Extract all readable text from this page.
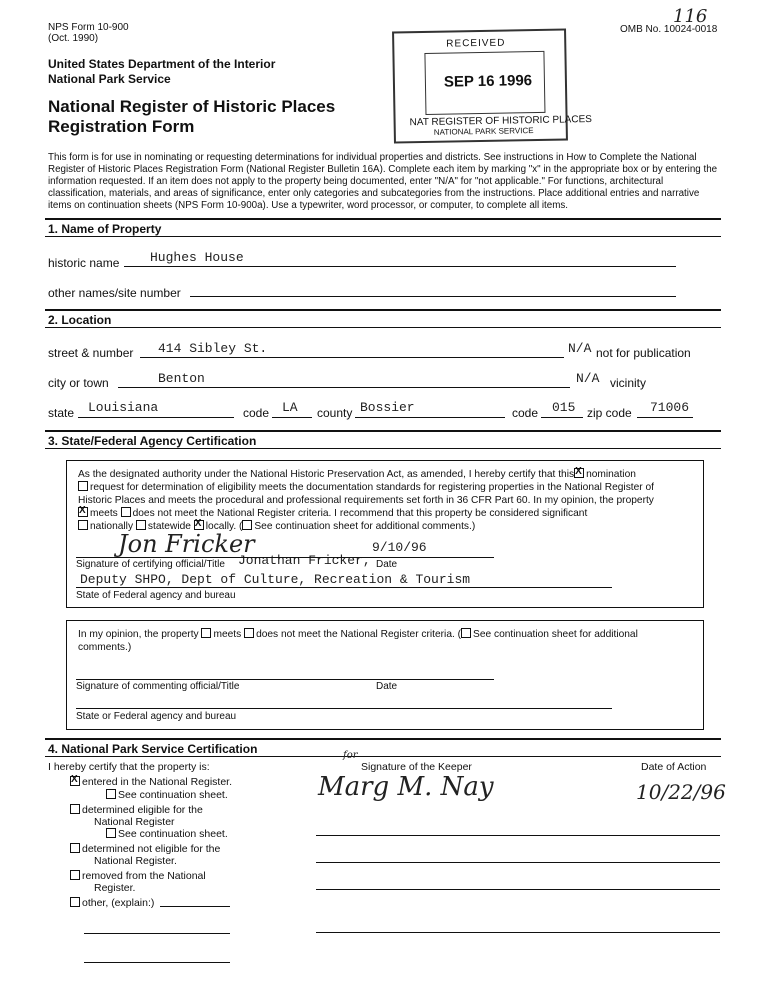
NPS Form 10-900
(Oct. 1990)
OMB No. 10024-0018
116
United States Department of the Interior
National Park Service
National Register of Historic Places
Registration Form
RECEIVED
SEP 16 1996
NAT REGISTER OF HISTORIC PLACES
NATIONAL PARK SERVICE
This form is for use in nominating or requesting determinations for individual properties and districts. See instructions in How to Complete the National Register of Historic Places Registration Form (National Register Bulletin 16A). Complete each item by marking "x" in the appropriate box or by entering the information requested. If an item does not apply to the property being documented, enter "N/A" for "not applicable." For functions, architectural classification, materials, and areas of significance, enter only categories and subcategories from the instructions. Place additional entries and narrative items on continuation sheets (NPS Form 10-900a). Use a typewriter, word processor, or computer, to complete all items.
1. Name of Property
historic name Hughes House
other names/site number
2. Location
street & number 414 Sibley St.	N/A not for publication
city or town	Benton	N/A vicinity
state Louisiana	code LA county Bossier	code 015 zip code 71006
3. State/Federal Agency Certification
As the designated authority under the National Historic Preservation Act, as amended, I hereby certify that this X nomination
request for determination of eligibility meets the documentation standards for registering properties in the National Register of
Historic Places and meets the procedural and professional requirements set forth in 36 CFR Part 60. In my opinion, the property
Xmeets does not meet the National Register criteria. I recommend that this property be considered significant
nationally statewide X locally. ( See continuation sheet for additional comments.)
Jon Fricker
Jonathan Fricker,
9/10/96
Signature of certifying official/Title	Date
Deputy SHPO, Dept of Culture, Recreation & Tourism
State of Federal agency and bureau
In my opinion, the property meets does not meet the National Register criteria. ( See continuation sheet for additional
comments.)
Signature of commenting official/Title	Date
State or Federal agency and bureau
4. National Park Service Certification
I hereby certify that the property is:
for
Signature of the Keeper	Date of Action
Marg M. Nay	10/22/96
Xentered in the National Register.
See continuation sheet.
determined eligible for the
National Register
See continuation sheet.
determined not eligible for the
National Register.
removed from the National
Register.
other, (explain:)
